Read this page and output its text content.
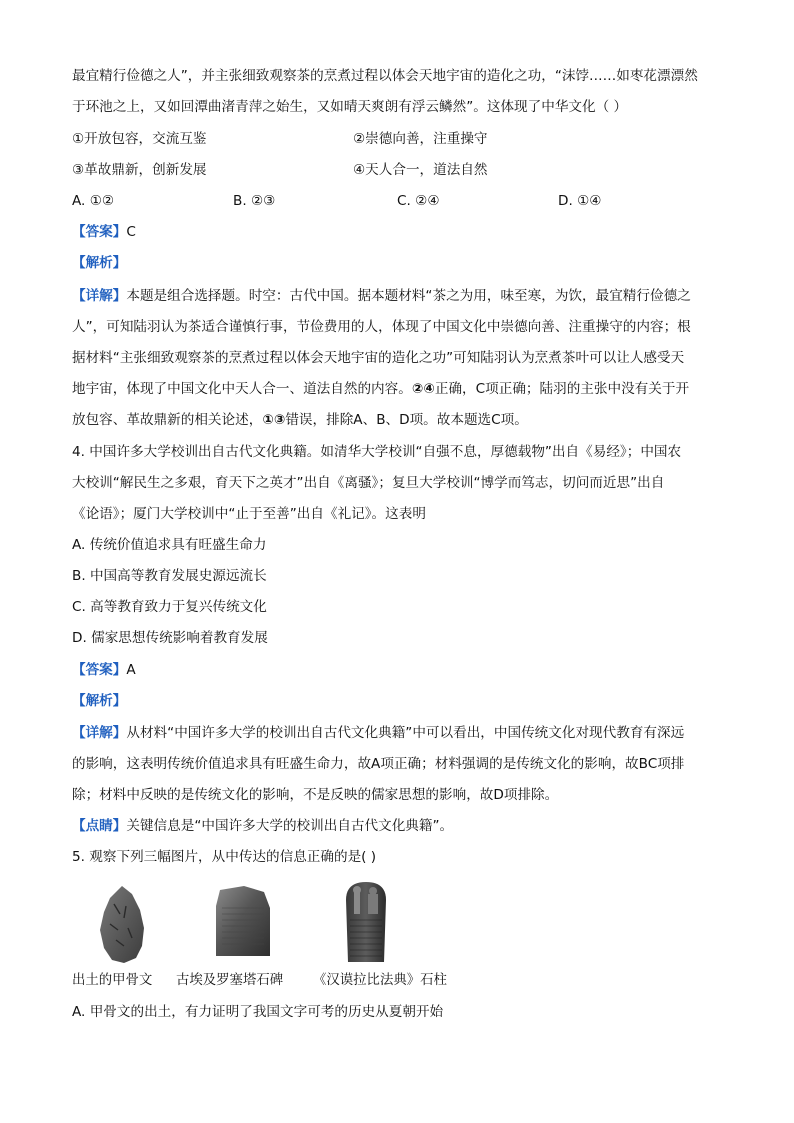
最宜精行俭德之人”，并主张细致观察茶的烹煮过程以体会天地宇宙的造化之功，“沫饽……如枣花漂漂然
于环池之上，又如回潭曲渚青萍之始生，又如晴天爽朗有浮云鳞然”。这体现了中华文化（ ）
①开放包容，交流互鉴	②崇德向善，注重操守
③革故鼎新，创新发展	④天人合一，道法自然
A. ①②	B. ②③	C. ②④	D. ①④
【答案】C
【解析】
【详解】本题是组合选择题。时空：古代中国。据本题材料“茶之为用，味至寒，为饮，最宜精行俭德之
人”，可知陆羽认为茶适合谨慎行事，节俭费用的人，体现了中国文化中崇德向善、注重操守的内容；根
据材料“主张细致观察茶的烹煮过程以体会天地宇宙的造化之功”可知陆羽认为烹煮茶叶可以让人感受天
地宇宙，体现了中国文化中天人合一、道法自然的内容。②④正确，C项正确；陆羽的主张中没有关于开
放包容、革故鼎新的相关论述，①③错误，排除A、B、D项。故本题选C项。
4. 中国许多大学校训出自古代文化典籍。如清华大学校训“自强不息，厚德载物”出自《易经》；中国农
大校训“解民生之多艰，育天下之英才”出自《离骚》；复旦大学校训“博学而笃志，切问而近思”出自
《论语》；厦门大学校训中“止于至善”出自《礼记》。这表明
A. 传统价值追求具有旺盛生命力
B. 中国高等教育发展史源远流长
C. 高等教育致力于复兴传统文化
D. 儒家思想传统影响着教育发展
【答案】A
【解析】
【详解】从材料“中国许多大学的校训出自古代文化典籍”中可以看出，中国传统文化对现代教育有深远
的影响，这表明传统价值追求具有旺盛生命力，故A项正确；材料强调的是传统文化的影响，故BC项排
除；材料中反映的是传统文化的影响，不是反映的儒家思想的影响，故D项排除。
【点睛】关键信息是“中国许多大学的校训出自古代文化典籍”。
5. 观察下列三幅图片，从中传达的信息正确的是( )
出土的甲骨文 古埃及罗塞塔石碑 《汉谟拉比法典》石柱
A. 甲骨文的出土，有力证明了我国文字可考的历史从夏朝开始
